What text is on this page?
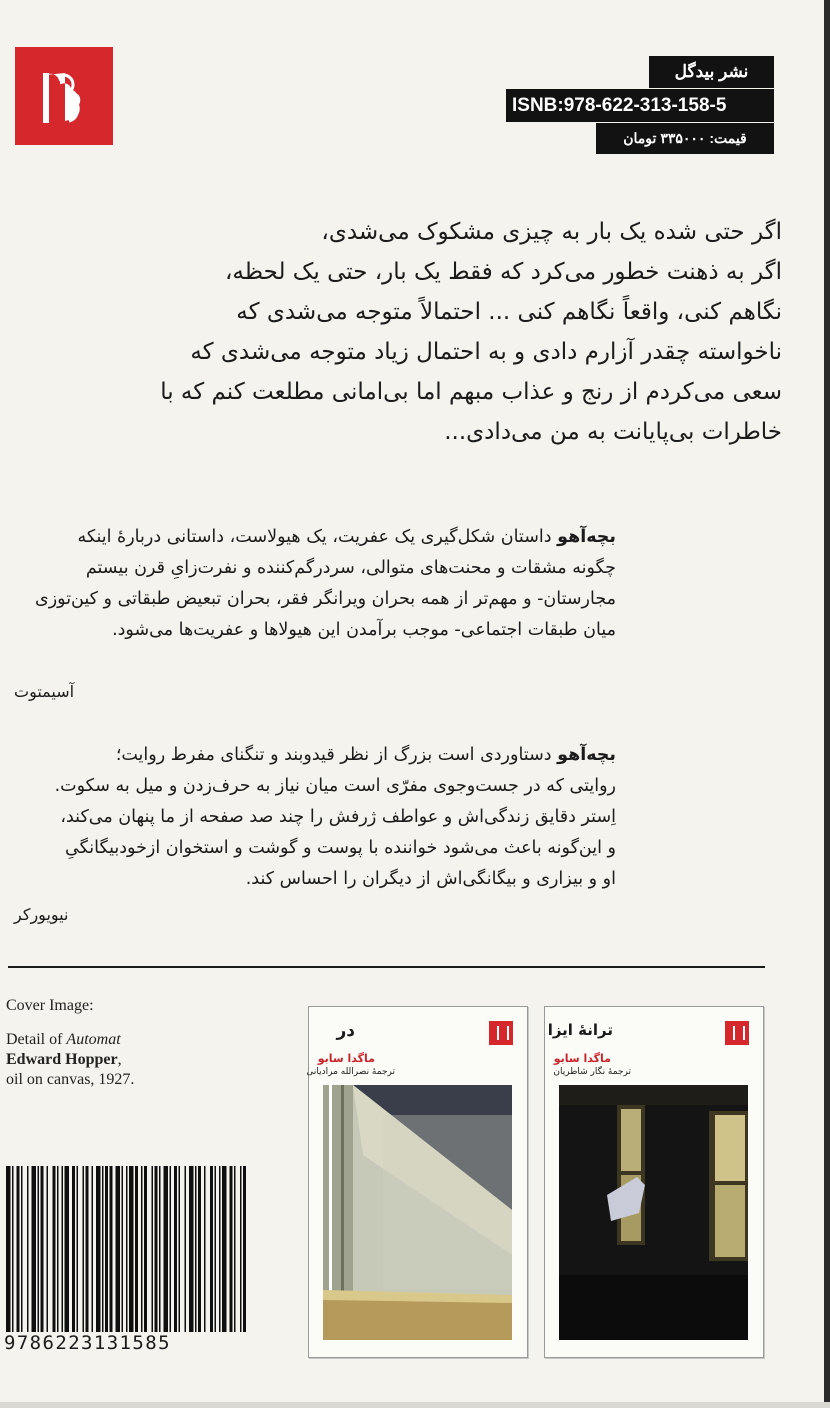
نشر بیدگل
ISNB:978-622-313-158-5
قیمت: ۳۳۵۰۰۰ تومان

اگر حتی شده یک بار به چیزی مشکوک می‌شدی،

اگر به ذهنت خطور می‌کرد که فقط یک بار، حتی یک لحظه،

نگاهم کنی، واقعاً نگاهم کنی ... احتمالاً متوجه می‌شدی که

ناخواسته چقدر آزارم دادی و به احتمال زیاد متوجه می‌شدی که

سعی می‌کردم از رنج و عذاب مبهم اما بی‌امانی مطلعت کنم که با

خاطرات بی‌پایانت به من می‌دادی...

بچه‌آهو داستان شکل‌گیری یک عفریت، یک هیولاست، داستانی دربارهٔ اینکه

چگونه مشقات و محنت‌های متوالی، سردرگم‌کننده و نفرت‌زایِ قرن بیستم

مجارستان- و مهم‌تر از همه بحران ویرانگر فقر، بحران تبعیض طبقاتی و کین‌توزی

میان طبقات اجتماعی- موجب برآمدن این هیولاها و عفریت‌ها می‌شود.

آسیمتوت

بچه‌آهو دستاوردی است بزرگ از نظر قیدوبند و تنگنای مفرط روایت؛

روایتی که در جست‌وجوی مفرّی است میان نیاز به حرف‌زدن و میل به سکوت.

اِستر دقایق زندگی‌اش و عواطف ژرفش را چند صد صفحه از ما پنهان می‌کند،

و این‌گونه باعث می‌شود خواننده با پوست و گوشت و استخوان ازخودبیگانگیِ

او و بیزاری و بیگانگی‌اش از دیگران را احساس کند.

نیویورکر

Cover Image:

Detail of Automat

Edward Hopper,

oil on canvas, 1927.

9786223131585
در
ماگدا سابو
ترجمهٔ نصرالله مرادیانی
ترانهٔ ایزا
ماگدا سابو
ترجمهٔ نگار شاطریان
